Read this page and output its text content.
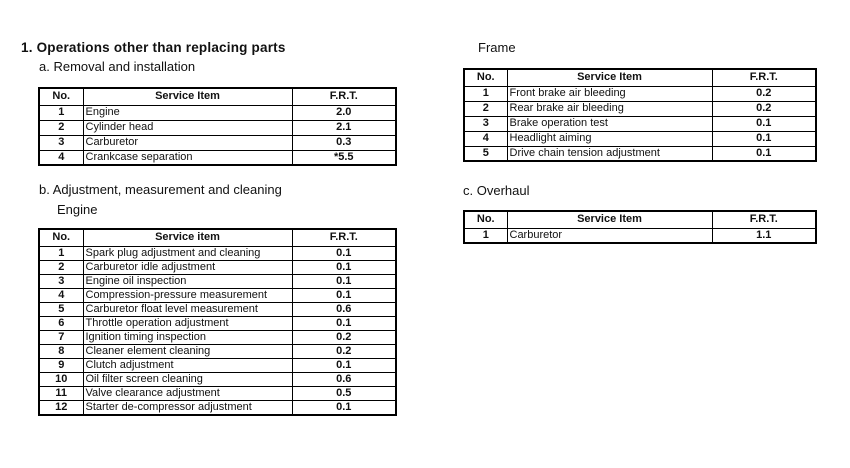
1. Operations other than replacing parts
a. Removal and installation
No.	Service Item	F.R.T.
1	Engine	2.0
2	Cylinder head	2.1
3	Carburetor	0.3
4	Crankcase separation	*5.5
b. Adjustment, measurement and cleaning
Engine
No.	Service item	F.R.T.
1	Spark plug adjustment and cleaning	0.1
2	Carburetor idle adjustment	0.1
3	Engine oil inspection	0.1
4	Compression-pressure measurement	0.1
5	Carburetor float level measurement	0.6
6	Throttle operation adjustment	0.1
7	Ignition timing inspection	0.2
8	Cleaner element cleaning	0.2
9	Clutch adjustment	0.1
10	Oil filter screen cleaning	0.6
11	Valve clearance adjustment	0.5
12	Starter de-compressor adjustment	0.1
Frame
No.	Service Item	F.R.T.
1	Front brake air bleeding	0.2
2	Rear brake air bleeding	0.2
3	Brake operation test	0.1
4	Headlight aiming	0.1
5	Drive chain tension adjustment	0.1
c. Overhaul
No.	Service Item	F.R.T.
1	Carburetor	1.1
